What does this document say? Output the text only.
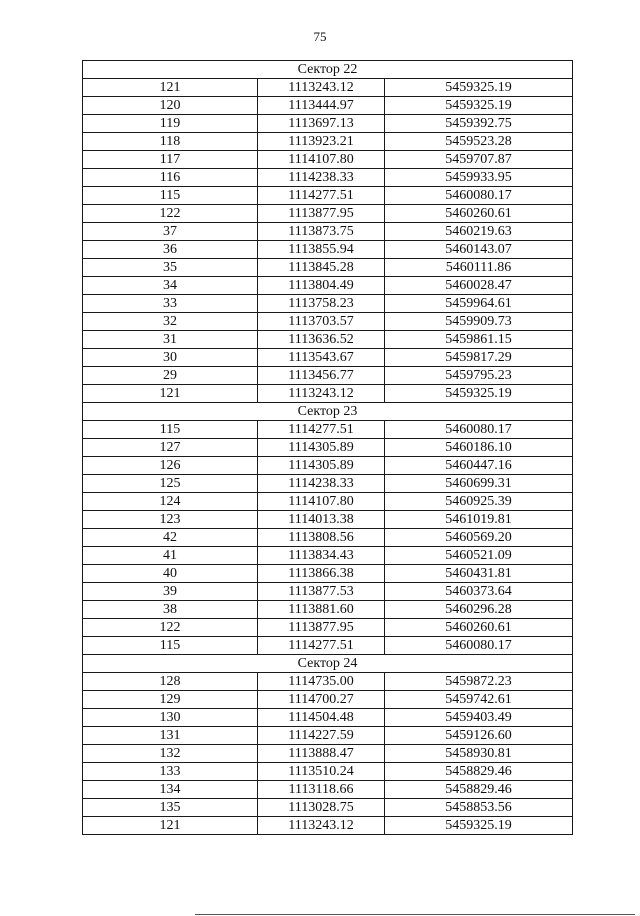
75
Сектор 22		
121	1113243.12	5459325.19
120	1113444.97	5459325.19
119	1113697.13	5459392.75
118	1113923.21	5459523.28
117	1114107.80	5459707.87
116	1114238.33	5459933.95
115	1114277.51	5460080.17
122	1113877.95	5460260.61
37	1113873.75	5460219.63
36	1113855.94	5460143.07
35	1113845.28	5460111.86
34	1113804.49	5460028.47
33	1113758.23	5459964.61
32	1113703.57	5459909.73
31	1113636.52	5459861.15
30	1113543.67	5459817.29
29	1113456.77	5459795.23
121	1113243.12	5459325.19
Сектор 23		
115	1114277.51	5460080.17
127	1114305.89	5460186.10
126	1114305.89	5460447.16
125	1114238.33	5460699.31
124	1114107.80	5460925.39
123	1114013.38	5461019.81
42	1113808.56	5460569.20
41	1113834.43	5460521.09
40	1113866.38	5460431.81
39	1113877.53	5460373.64
38	1113881.60	5460296.28
122	1113877.95	5460260.61
115	1114277.51	5460080.17
Сектор 24		
128	1114735.00	5459872.23
129	1114700.27	5459742.61
130	1114504.48	5459403.49
131	1114227.59	5459126.60
132	1113888.47	5458930.81
133	1113510.24	5458829.46
134	1113118.66	5458829.46
135	1113028.75	5458853.56
121	1113243.12	5459325.19
